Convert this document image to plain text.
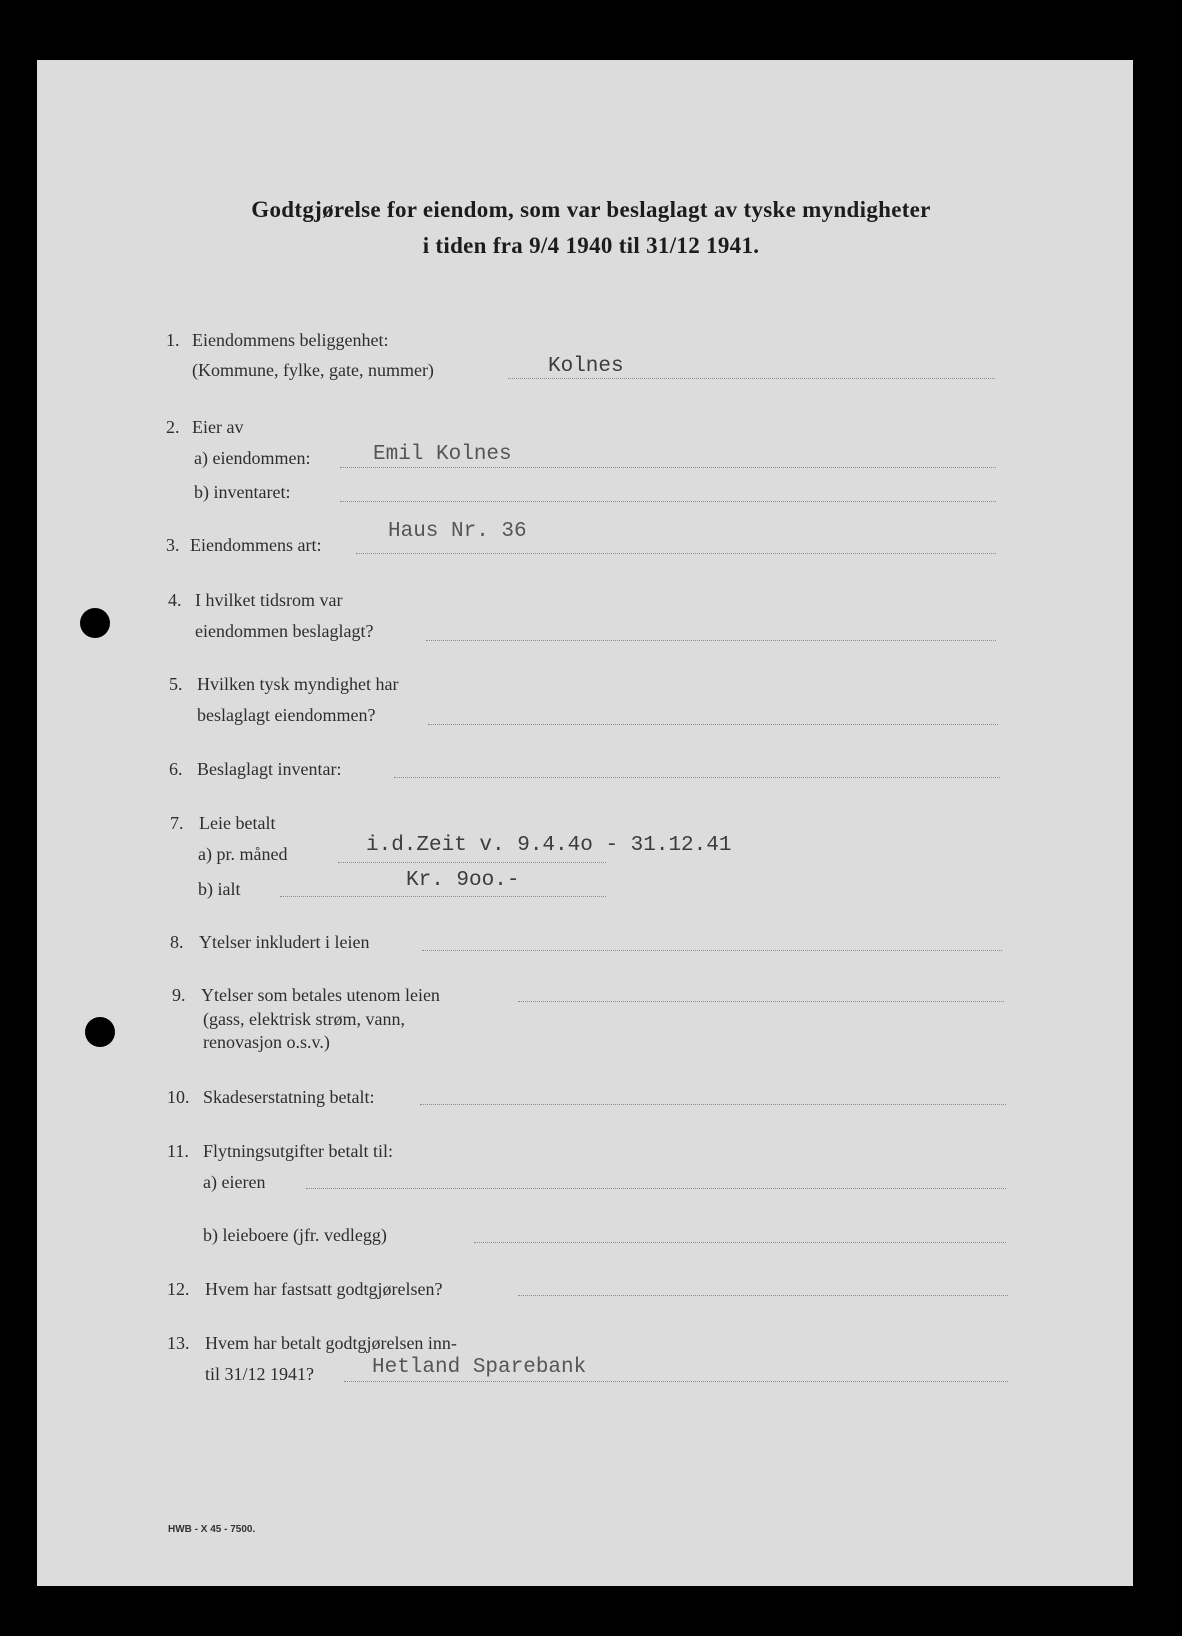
Godtgjørelse for eiendom, som var beslaglagt av tyske myndigheter
i tiden fra 9/4 1940 til 31/12 1941.
1. Eiendommens beliggenhet:
(Kommune, fylke, gate, nummer)	Kolnes
2. Eier av
a) eiendommen:	Emil Kolnes
b) inventaret:
3. Eiendommens art:
Haus Nr. 36
4. I hvilket tidsrom var
eiendommen beslaglagt?
5. Hvilken tysk myndighet har
beslaglagt eiendommen?
6. Beslaglagt inventar:
7. Leie betalt
a) pr. måned	i.d.Zeit v. 9.4.4o - 31.12.41
b) ialt	Kr. 9oo.-
8. Ytelser inkludert i leien
9. Ytelser som betales utenom leien
(gass, elektrisk strøm, vann,
renovasjon o.s.v.)
10. Skadeserstatning betalt:
11. Flytningsutgifter betalt til:
a) eieren
b) leieboere (jfr. vedlegg)
12. Hvem har fastsatt godtgjørelsen?
13. Hvem har betalt godtgjørelsen inn-
til 31/12 1941?	Hetland Sparebank
HWB - X 45 - 7500.
